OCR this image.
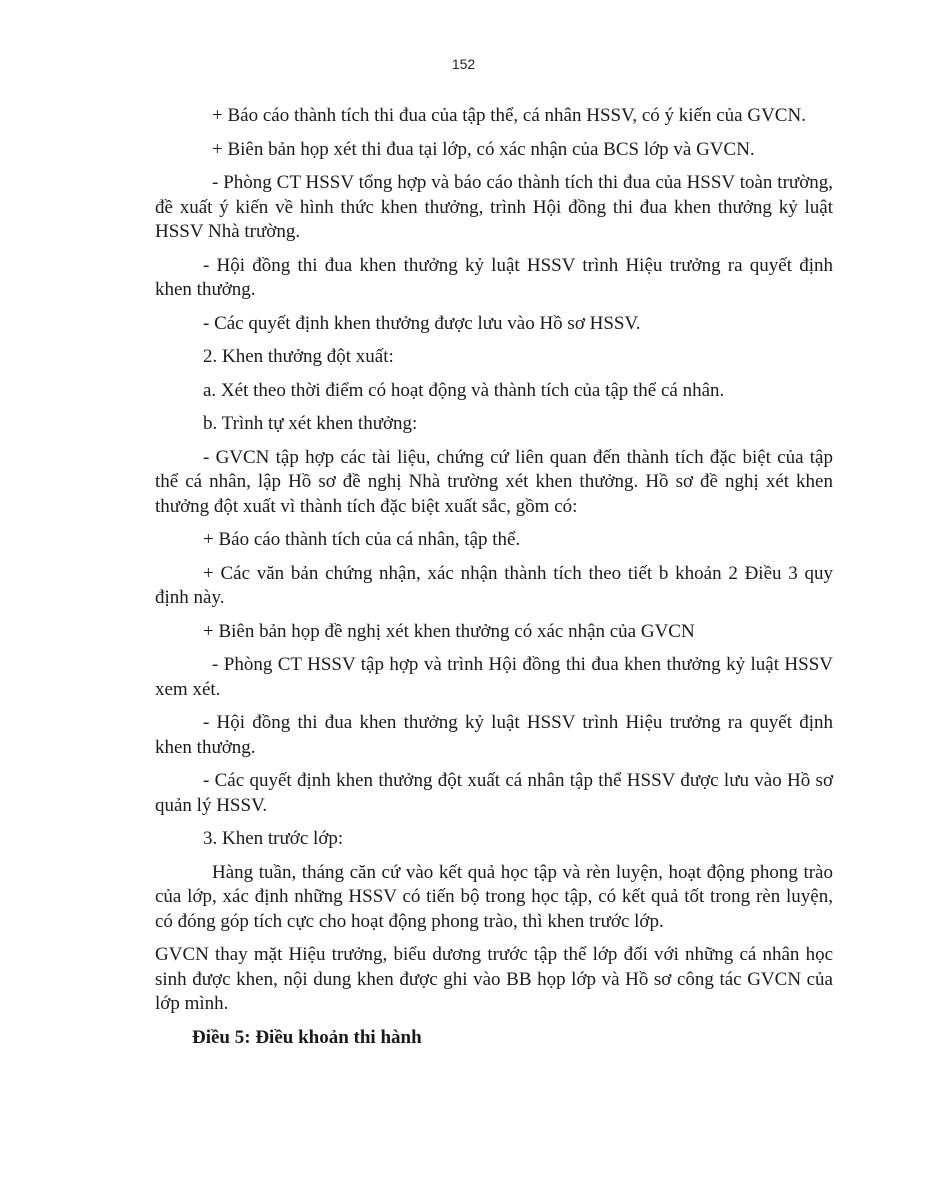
152

+ Báo cáo thành tích thi đua của tập thể, cá nhân HSSV, có ý kiến của GVCN.

+ Biên bản họp xét thi đua tại lớp, có xác nhận của BCS lớp và GVCN.

- Phòng CT HSSV tổng hợp và báo cáo thành tích thi đua của HSSV toàn trường, đề xuất ý kiến về hình thức khen thưởng, trình Hội đồng thi đua khen thưởng kỷ luật HSSV Nhà trường.

- Hội đồng thi đua khen thưởng kỷ luật HSSV trình Hiệu trưởng ra quyết định khen thưởng.

- Các quyết định khen thưởng được lưu vào Hồ sơ HSSV.

2. Khen thưởng đột xuất:

a. Xét theo thời điểm có hoạt động và thành tích của tập thể cá nhân.

b. Trình tự xét khen thưởng:

- GVCN tập hợp các tài liệu, chứng cứ liên quan đến thành tích đặc biệt của tập thể cá nhân, lập Hồ sơ đề nghị Nhà trường xét khen thưởng. Hồ sơ đề nghị xét khen thưởng đột xuất vì thành tích đặc biệt xuất sắc, gồm có:

+ Báo cáo thành tích của cá nhân, tập thể.

+ Các văn bản chứng nhận, xác nhận thành tích theo tiết b khoản 2 Điều 3 quy định này.

+ Biên bản họp đề nghị xét khen thưởng có xác nhận của GVCN

- Phòng CT HSSV tập hợp và trình Hội đồng thi đua khen thưởng kỷ luật HSSV xem xét.

- Hội đồng thi đua khen thưởng kỷ luật HSSV trình Hiệu trưởng ra quyết định khen thưởng.

- Các quyết định khen thưởng đột xuất cá nhân tập thể HSSV được lưu vào Hồ sơ quản lý HSSV.

3. Khen trước lớp:

Hàng tuần, tháng căn cứ vào kết quả học tập và rèn luyện, hoạt động phong trào của lớp, xác định những HSSV có tiến bộ trong học tập, có kết quả tốt trong rèn luyện, có đóng góp tích cực cho hoạt động phong trào, thì khen trước lớp.

GVCN thay mặt Hiệu trưởng, biểu dương trước tập thể lớp đối với những cá nhân học sinh được khen, nội dung khen được ghi vào BB họp lớp và Hồ sơ công tác GVCN của lớp mình.

Điều 5: Điều khoản thi hành
